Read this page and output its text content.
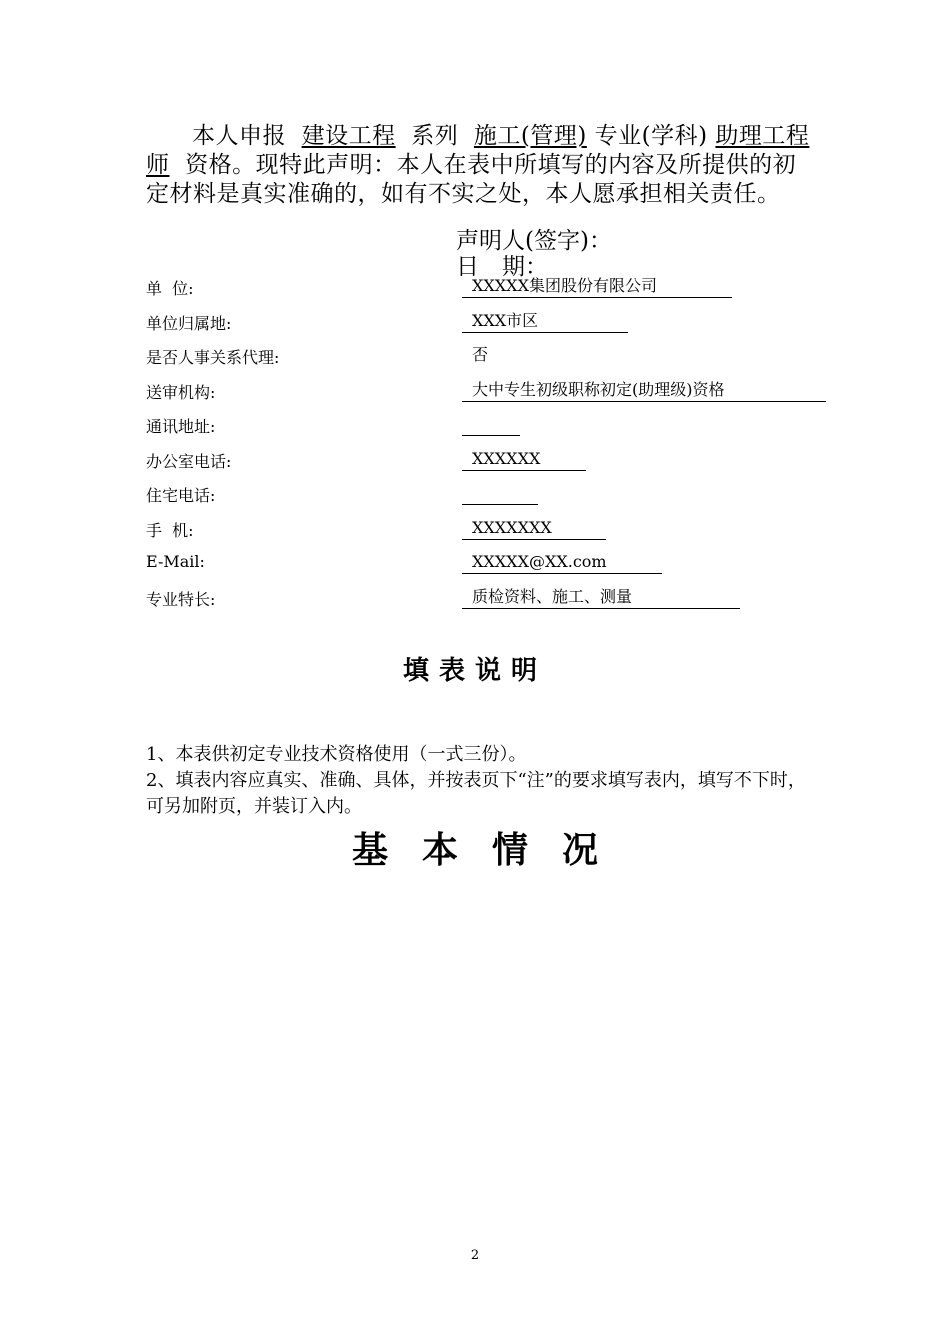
本人申报 建设工程 系列 施工(管理) 专业(学科) 助理工程师 资格。现特此声明：本人在表中所填写的内容及所提供的初定材料是真实准确的，如有不实之处，本人愿承担相关责任。
声明人(签字)：
日　期：
单  位:	XXXXX集团股份有限公司
单位归属地:	XXX市区
是否人事关系代理:	否
送审机构:	大中专生初级职称初定(助理级)资格
通讯地址:
办公室电话:	XXXXXX
住宅电话:
手  机:	XXXXXXX
E-Mail:	XXXXX@XX.com
专业特长:	质检资料、施工、测量
填表说明

1、本表供初定专业技术资格使用（一式三份）。

2、填表内容应真实、准确、具体，并按表页下“注”的要求填写表内，填写不下时，可另加附页，并装订入内。

基本情况
2
